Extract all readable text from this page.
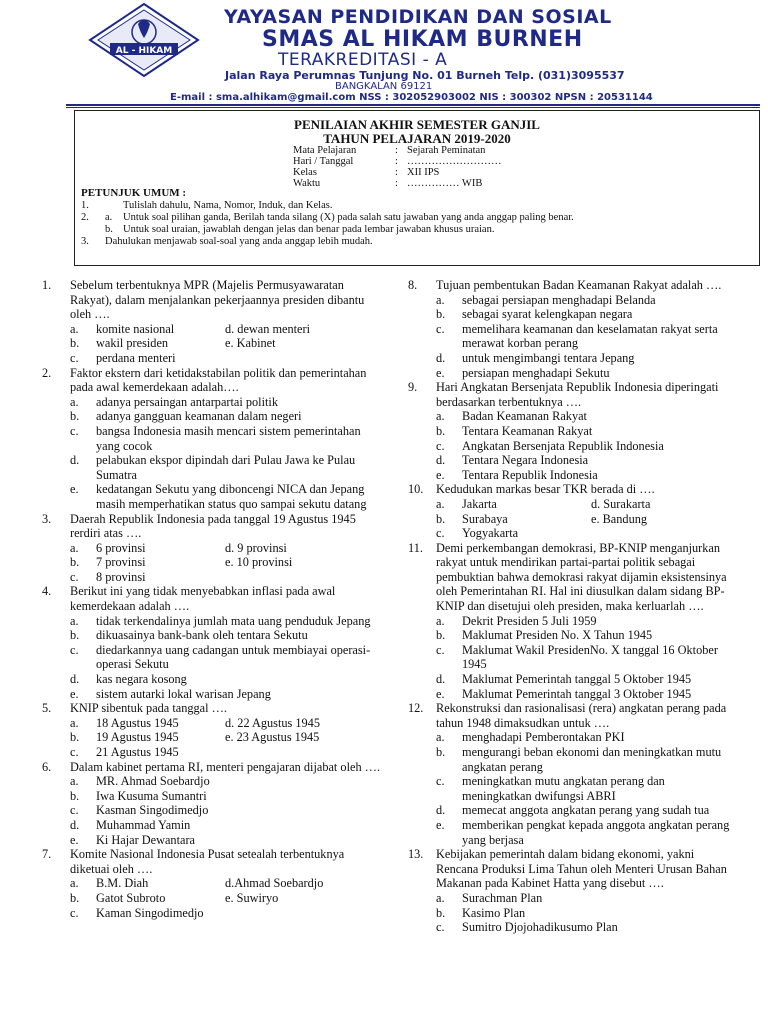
AL - HIKAM
YAYASAN PENDIDIKAN DAN SOSIAL
SMAS AL HIKAM BURNEH
TERAKREDITASI - A
Jalan Raya Perumnas Tunjung No. 01 Burneh Telp. (031)3095537
BANGKALAN 69121
E-mail : sma.alhikam@gmail.com NSS : 302052903002 NIS : 300302 NPSN : 20531144
PENILAIAN AKHIR SEMESTER GANJIL
TAHUN PELAJARAN 2019-2020
Mata Pelajaran	: Sejarah Peminatan
Hari / Tanggal	: ………………………
Kelas	: XII IPS
Waktu	: …………… WIB
PETUNJUK UMUM :
1.	Tulislah dahulu, Nama, Nomor, Induk, dan Kelas.
2. a. Untuk soal pilihan ganda, Berilah tanda silang (X) pada salah satu jawaban yang anda anggap paling benar.
b. Untuk soal uraian, jawablah dengan jelas dan benar pada lembar jawaban khusus uraian.
3. Dahulukan menjawab soal-soal yang anda anggap lebih mudah.
1.	Sebelum terbentuknya MPR (Majelis Permusyawaratan Rakyat), dalam menjalankan pekerjaannya presiden dibantu oleh ….
a.	komite nasional	d. dewan menteri
b.	wakil presiden	e. Kabinet
c.	perdana menteri
2.	Faktor ekstern dari ketidakstabilan politik dan pemerintahan pada awal kemerdekaan adalah….
a.	adanya persaingan antarpartai politik
b.	adanya gangguan keamanan dalam negeri
c.	bangsa Indonesia masih mencari sistem pemerintahan yang cocok
d.	pelabukan ekspor dipindah dari Pulau Jawa ke Pulau Sumatra
e.	kedatangan Sekutu yang diboncengi NICA dan Jepang masih memperhatikan status quo sampai sekutu datang
3.	Daerah Republik Indonesia pada tanggal 19 Agustus 1945 rerdiri atas ….
a.	6 provinsi	d. 9 provinsi
b.	7 provinsi	e. 10 provinsi
c.	8 provinsi
4.	Berikut ini yang tidak menyebabkan inflasi pada awal kemerdekaan adalah ….
a.	tidak terkendalinya jumlah mata uang penduduk Jepang
b.	dikuasainya bank-bank oleh tentara Sekutu
c.	diedarkannya uang cadangan untuk membiayai operasi-operasi Sekutu
d.	kas negara kosong
e.	sistem autarki lokal warisan Jepang
5.	KNIP sibentuk pada tanggal ….
a.	18 Agustus 1945	d. 22 Agustus 1945
b.	19 Agustus 1945	e. 23 Agustus 1945
c.	21 Agustus 1945
6.	Dalam kabinet pertama RI, menteri pengajaran dijabat oleh ….
a.	MR. Ahmad Soebardjo
b.	Iwa Kusuma Sumantri
c.	Kasman Singodimedjo
d.	Muhammad Yamin
e.	Ki Hajar Dewantara
7.	Komite Nasional Indonesia Pusat setealah terbentuknya diketuai oleh ….
a.	B.M. Diah	d.Ahmad Soebardjo
b.	Gatot Subroto	e. Suwiryo
c.	Kaman Singodimedjo
8.	Tujuan pembentukan Badan Keamanan Rakyat adalah ….
a.	sebagai persiapan menghadapi Belanda
b.	sebagai syarat kelengkapan negara
c.	memelihara keamanan dan keselamatan rakyat serta merawat korban perang
d.	untuk mengimbangi tentara Jepang
e.	persiapan menghadapi Sekutu
9.	Hari Angkatan Bersenjata Republik Indonesia diperingati berdasarkan terbentuknya ….
a.	Badan Keamanan Rakyat
b.	Tentara Keamanan Rakyat
c.	Angkatan Bersenjata Republik Indonesia
d.	Tentara Negara Indonesia
e.	Tentara Republik Indonesia
10.	Kedudukan markas besar TKR berada di ….
a.	Jakarta	d. Surakarta
b.	Surabaya	e. Bandung
c.	Yogyakarta
11.	Demi perkembangan demokrasi, BP-KNIP menganjurkan rakyat untuk mendirikan partai-partai politik sebagai pembuktian bahwa demokrasi rakyat dijamin eksistensinya oleh Pemerintahan RI. Hal ini diusulkan dalam sidang BP-KNIP dan disetujui oleh presiden, maka kerluarlah ….
a.	Dekrit Presiden 5 Juli 1959
b.	Maklumat Presiden No. X Tahun 1945
c.	Maklumat Wakil PresidenNo. X tanggal 16 Oktober 1945
d.	Maklumat Pemerintah tanggal 5 Oktober 1945
e.	Maklumat Pemerintah tanggal 3 Oktober 1945
12.	Rekonstruksi dan rasionalisasi (rera) angkatan perang pada tahun 1948 dimaksudkan untuk ….
a.	menghadapi Pemberontakan PKI
b.	mengurangi beban ekonomi dan meningkatkan mutu angkatan perang
c.	meningkatkan mutu angkatan perang dan meningkatkan dwifungsi ABRI
d.	memecat anggota angkatan perang yang sudah tua
e.	memberikan pengkat kepada anggota angkatan perang yang berjasa
13.	Kebijakan pemerintah dalam bidang ekonomi, yakni Rencana Produksi Lima Tahun oleh Menteri Urusan Bahan Makanan pada Kabinet Hatta yang disebut ….
a.	Surachman Plan
b.	Kasimo Plan
c.	Sumitro Djojohadikusumo Plan
